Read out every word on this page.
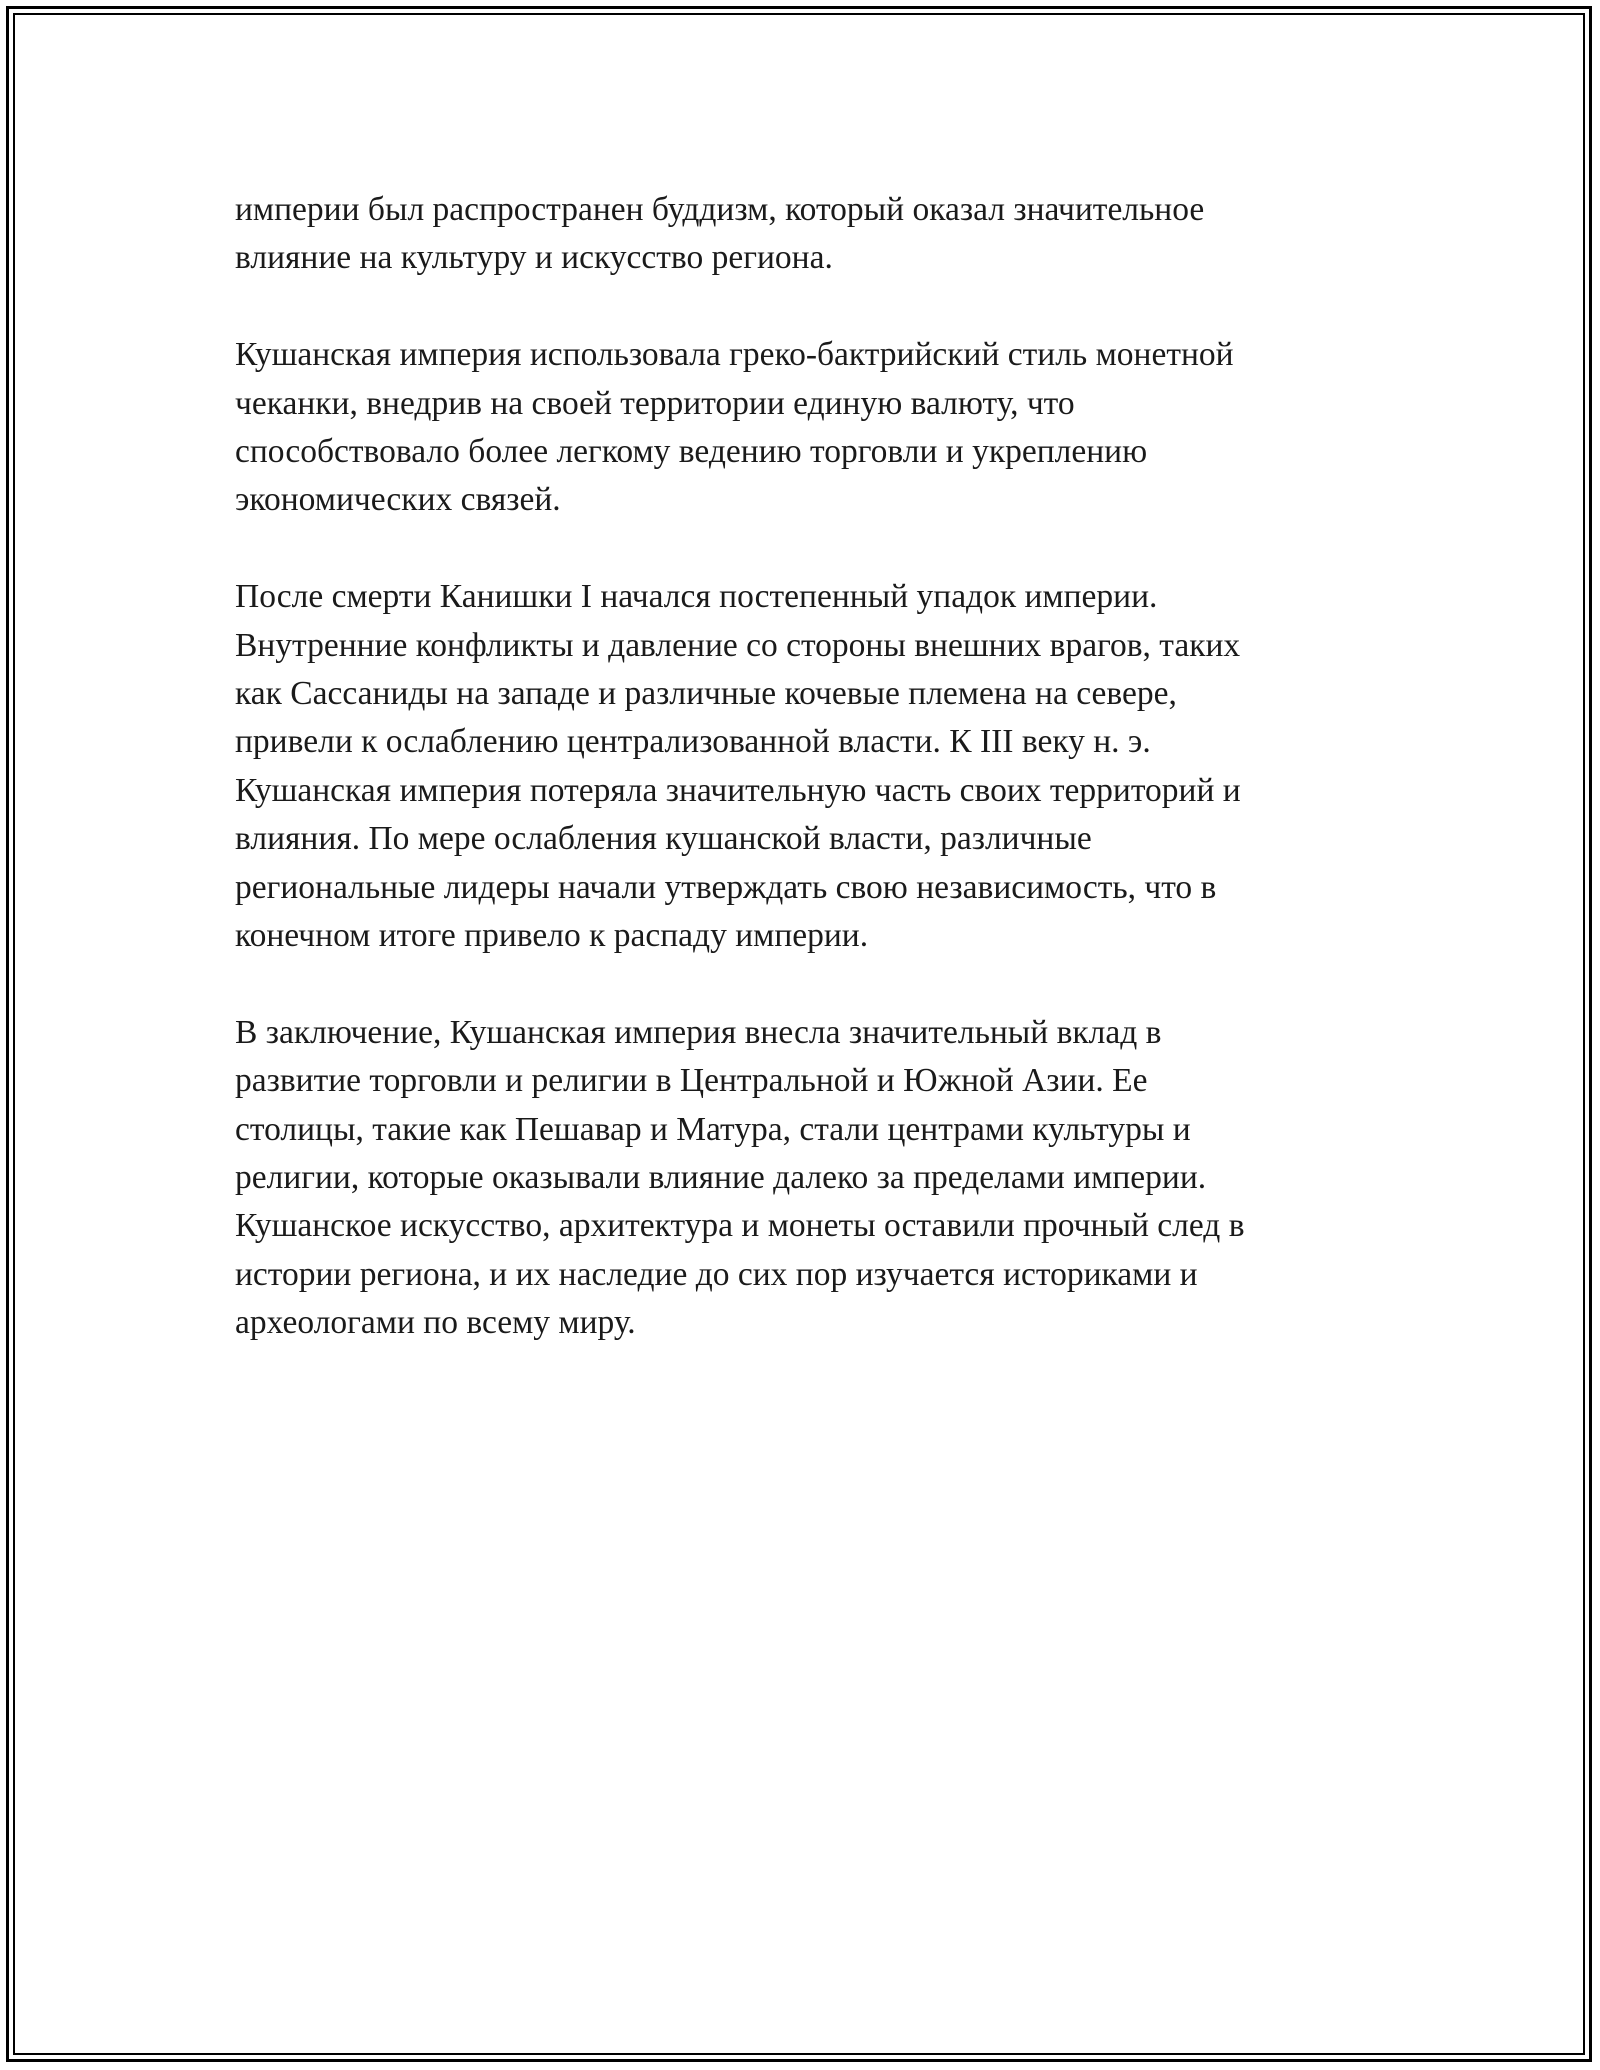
империи был распространен буддизм, который оказал значительное
влияние на культуру и искусство региона.

Кушанская империя использовала греко-бактрийский стиль монетной
чеканки, внедрив на своей территории единую валюту, что
способствовало более легкому ведению торговли и укреплению
экономических связей.

После смерти Канишки I начался постепенный упадок империи.
Внутренние конфликты и давление со стороны внешних врагов, таких
как Сассаниды на западе и различные кочевые племена на севере,
привели к ослаблению централизованной власти. К III веку н. э.
Кушанская империя потеряла значительную часть своих территорий и
влияния. По мере ослабления кушанской власти, различные
региональные лидеры начали утверждать свою независимость, что в
конечном итоге привело к распаду империи.

В заключение, Кушанская империя внесла значительный вклад в
развитие торговли и религии в Центральной и Южной Азии. Ее
столицы, такие как Пешавар и Матура, стали центрами культуры и
религии, которые оказывали влияние далеко за пределами империи.
Кушанское искусство, архитектура и монеты оставили прочный след в
истории региона, и их наследие до сих пор изучается историками и
археологами по всему миру.
